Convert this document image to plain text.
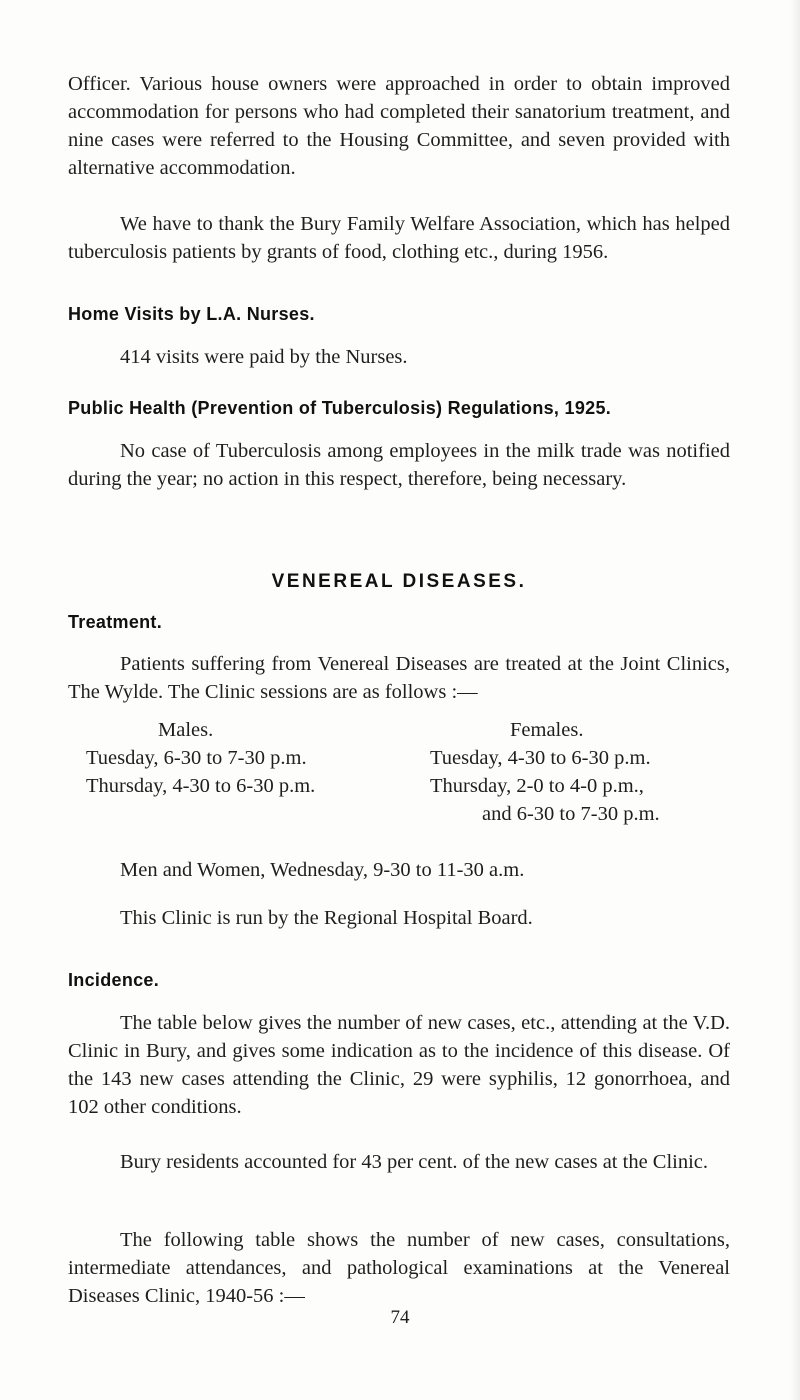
Officer. Various house owners were approached in order to obtain improved accommodation for persons who had completed their sanatorium treatment, and nine cases were referred to the Housing Committee, and seven provided with alternative accommodation.

We have to thank the Bury Family Welfare Association, which has helped tuberculosis patients by grants of food, clothing etc., during 1956.

Home Visits by L.A. Nurses.

414 visits were paid by the Nurses.

Public Health (Prevention of Tuberculosis) Regulations, 1925.

No case of Tuberculosis among employees in the milk trade was notified during the year; no action in this respect, therefore, being necessary.

VENEREAL DISEASES.
Treatment.

Patients suffering from Venereal Diseases are treated at the Joint Clinics, The Wylde. The Clinic sessions are as follows :—

Males.
Tuesday, 6-30 to 7-30 p.m.
Thursday, 4-30 to 6-30 p.m.
Females.
Tuesday, 4-30 to 6-30 p.m.
Thursday, 2-0 to 4-0 p.m.,
and 6-30 to 7-30 p.m.

Men and Women, Wednesday, 9-30 to 11-30 a.m.

This Clinic is run by the Regional Hospital Board.

Incidence.

The table below gives the number of new cases, etc., attending at the V.D. Clinic in Bury, and gives some indication as to the incidence of this disease. Of the 143 new cases attending the Clinic, 29 were syphilis, 12 gonorrhoea, and 102 other conditions.

Bury residents accounted for 43 per cent. of the new cases at the Clinic.

The following table shows the number of new cases, consultations, intermediate attendances, and pathological examinations at the Venereal Diseases Clinic, 1940-56 :—

74
